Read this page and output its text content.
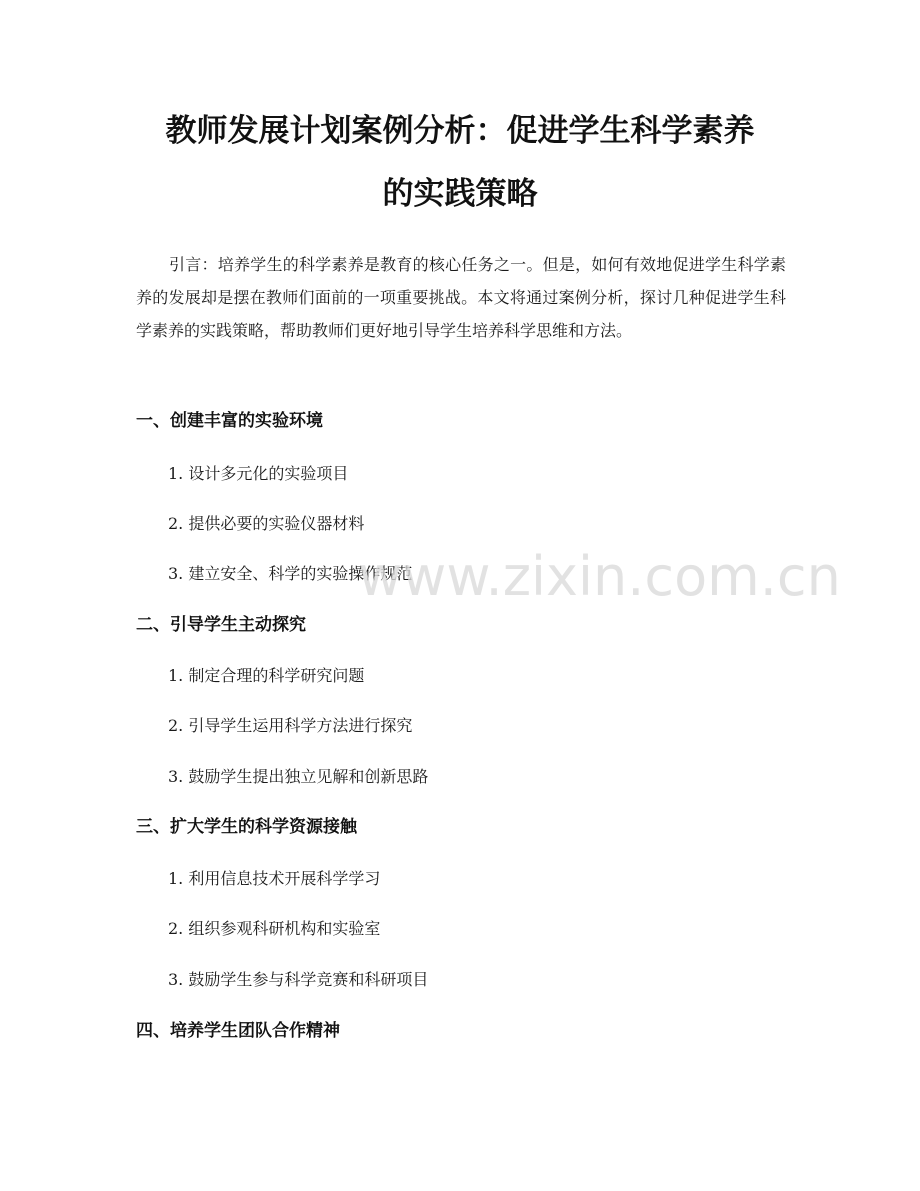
教师发展计划案例分析：促进学生科学素养
的实践策略
引言：培养学生的科学素养是教育的核心任务之一。但是，如何有效地促进学生科学素养的发展却是摆在教师们面前的一项重要挑战。本文将通过案例分析，探讨几种促进学生科学素养的实践策略，帮助教师们更好地引导学生培养科学思维和方法。
一、创建丰富的实验环境
1. 设计多元化的实验项目
2. 提供必要的实验仪器材料
3. 建立安全、科学的实验操作规范
二、引导学生主动探究
1. 制定合理的科学研究问题
2. 引导学生运用科学方法进行探究
3. 鼓励学生提出独立见解和创新思路
三、扩大学生的科学资源接触
1. 利用信息技术开展科学学习
2. 组织参观科研机构和实验室
3. 鼓励学生参与科学竞赛和科研项目
四、培养学生团队合作精神
www.zixin.com.cn
